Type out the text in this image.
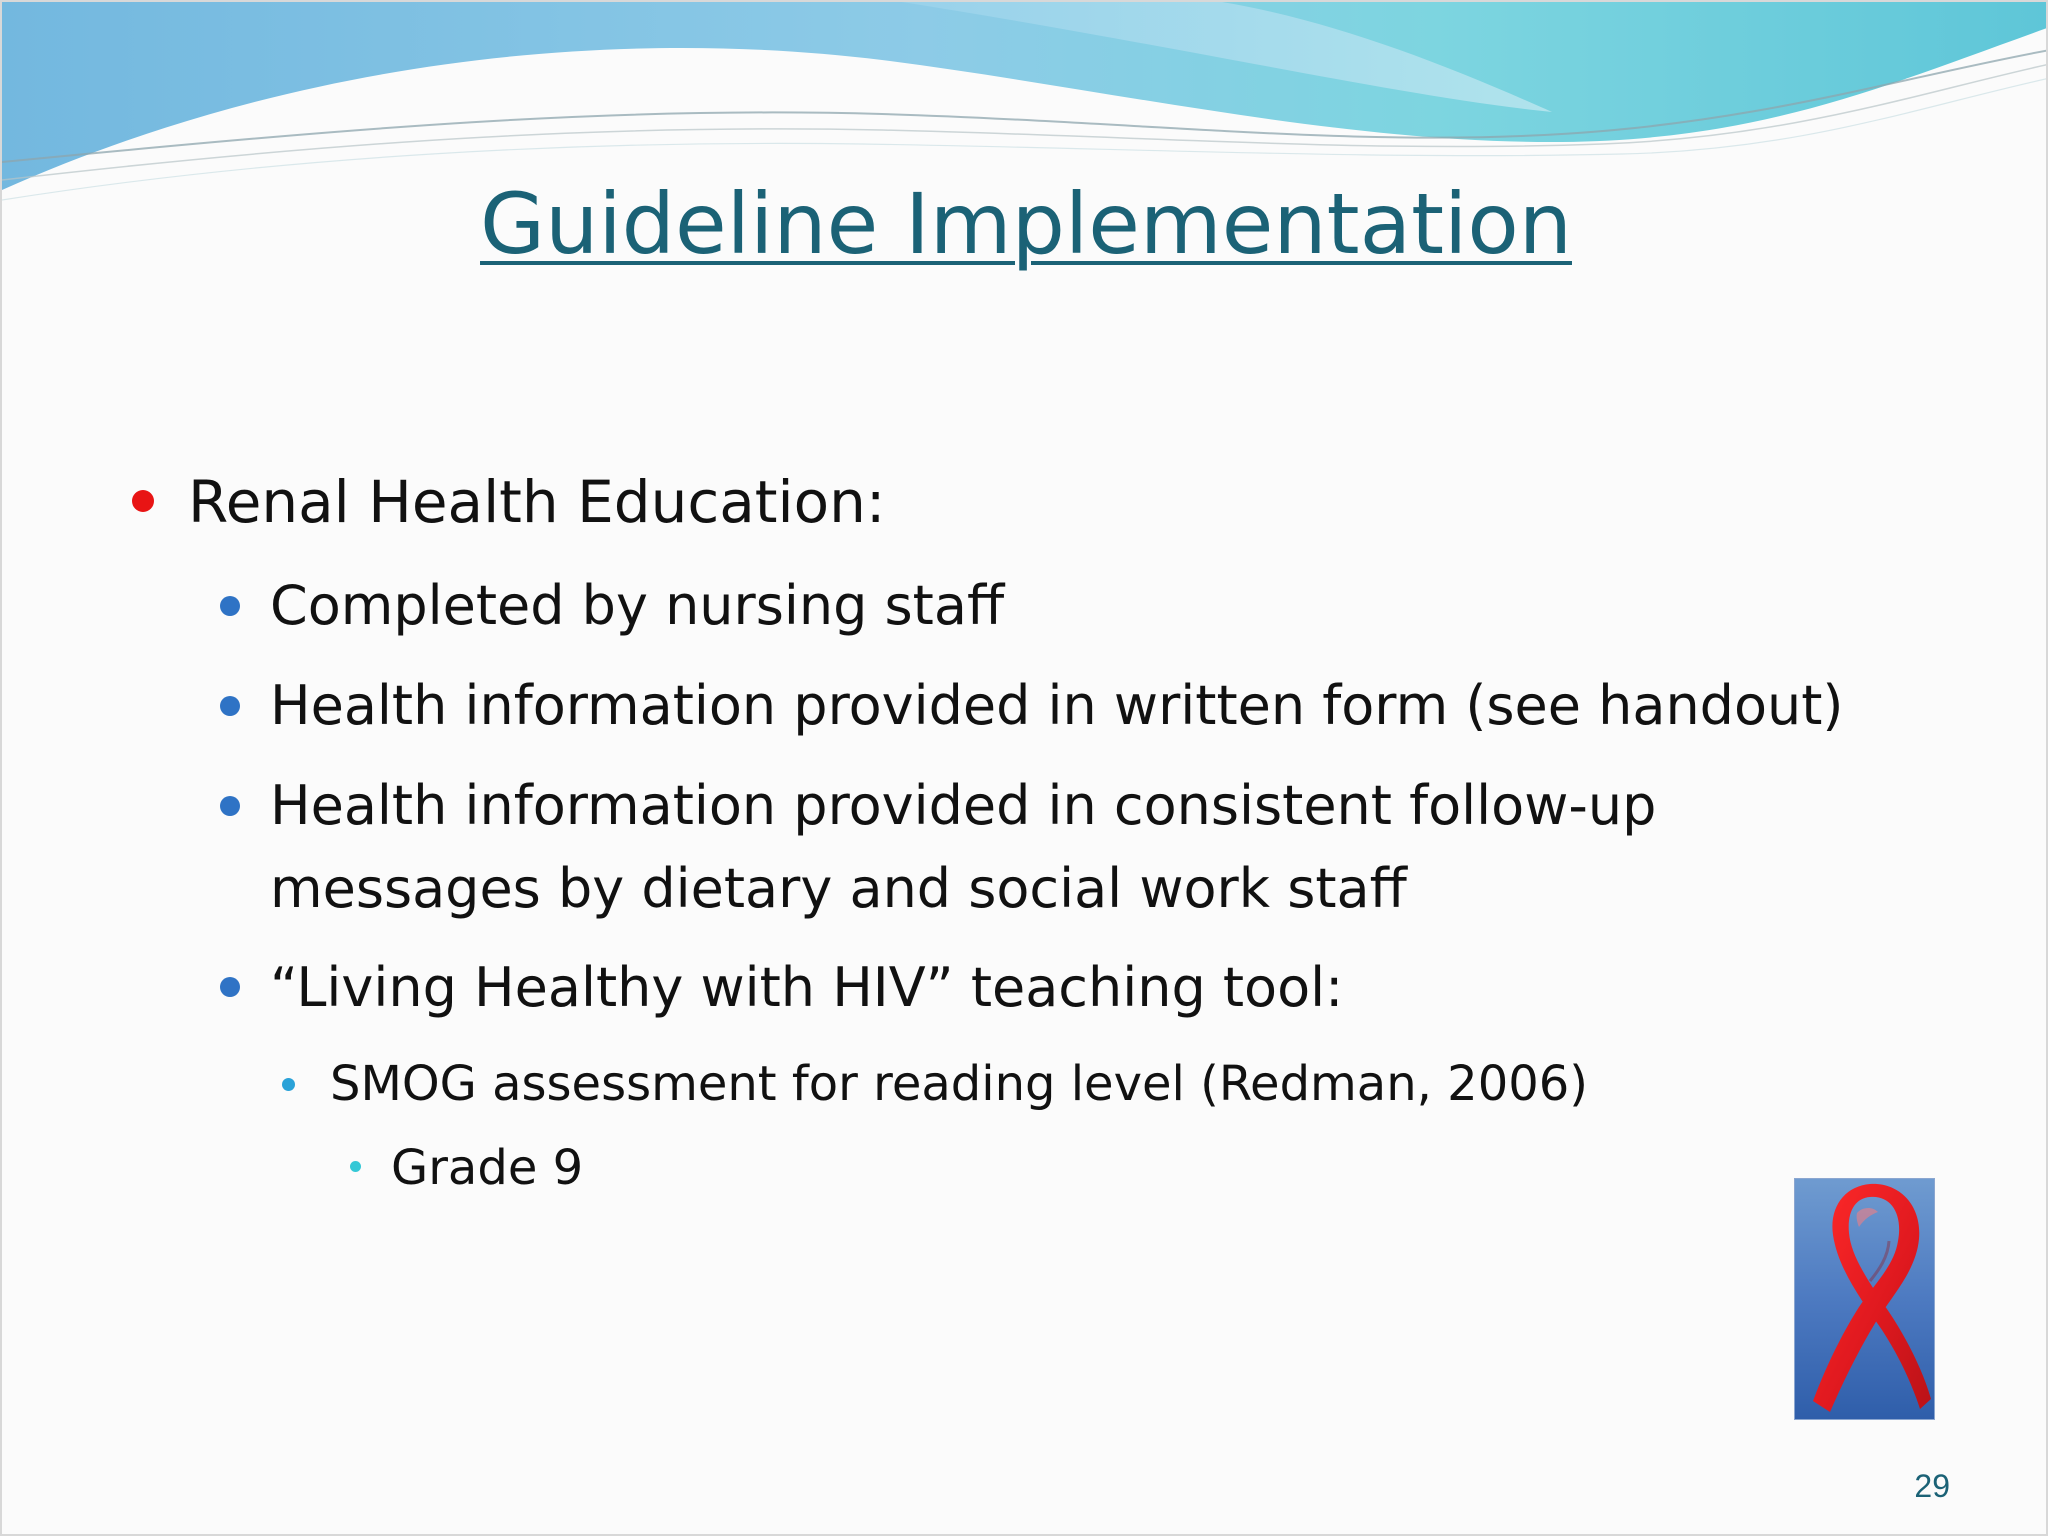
Guideline Implementation
Renal Health Education:
Completed by nursing staff
Health information provided in written form (see handout)
Health information provided in consistent follow-up
messages by dietary and social work staff
“Living Healthy with HIV” teaching tool:
SMOG assessment for reading level (Redman, 2006)
Grade 9
29
